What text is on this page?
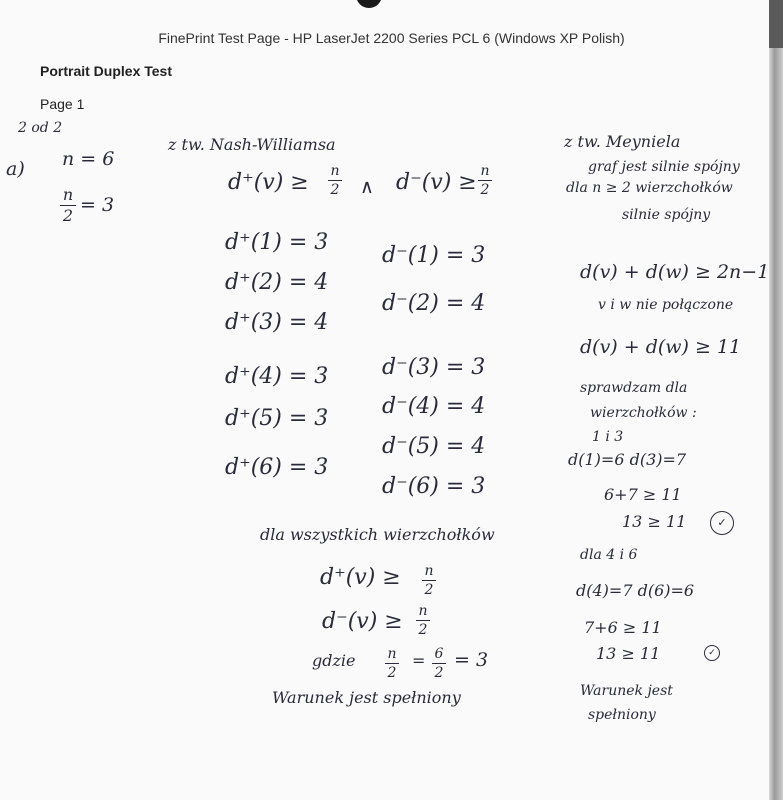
FinePrint Test Page - HP LaserJet 2200 Series PCL 6 (Windows XP Polish)
Portrait Duplex Test
Page 1
2 od 2
a) n = 6
n
2 = 3
z tw. Nash-Williamsa
d⁺(v) ≥ n
2 ∧ d⁻(v) ≥ n
2
d⁺(1) = 3
d⁺(2) = 4
d⁺(3) = 4
d⁺(4) = 3
d⁺(5) = 3
d⁺(6) = 3
d⁻(1) = 3
d⁻(2) = 4
d⁻(3) = 3
d⁻(4) = 4
d⁻(5) = 4
d⁻(6) = 3
dla wszystkich wierzchołków
d⁺(v) ≥ n
2
d⁻(v) ≥ n
2
gdzie n
2
= 6
2
= 3
Warunek jest spełniony
z tw. Meyniela
graf jest silnie spójny
dla n ≥ 2 wierzchołków
silnie spójny
d(v) + d(w) ≥ 2n−1
v i w nie połączone
d(v) + d(w) ≥ 11
sprawdzam dla
wierzchołków :
1 i 3
d(1)=6 d(3)=7
6+7 ≥ 11
13 ≥ 11	✓
dla 4 i 6
d(4)=7 d(6)=6
7+6 ≥ 11
13 ≥ 11	✓
Warunek jest
spełniony
